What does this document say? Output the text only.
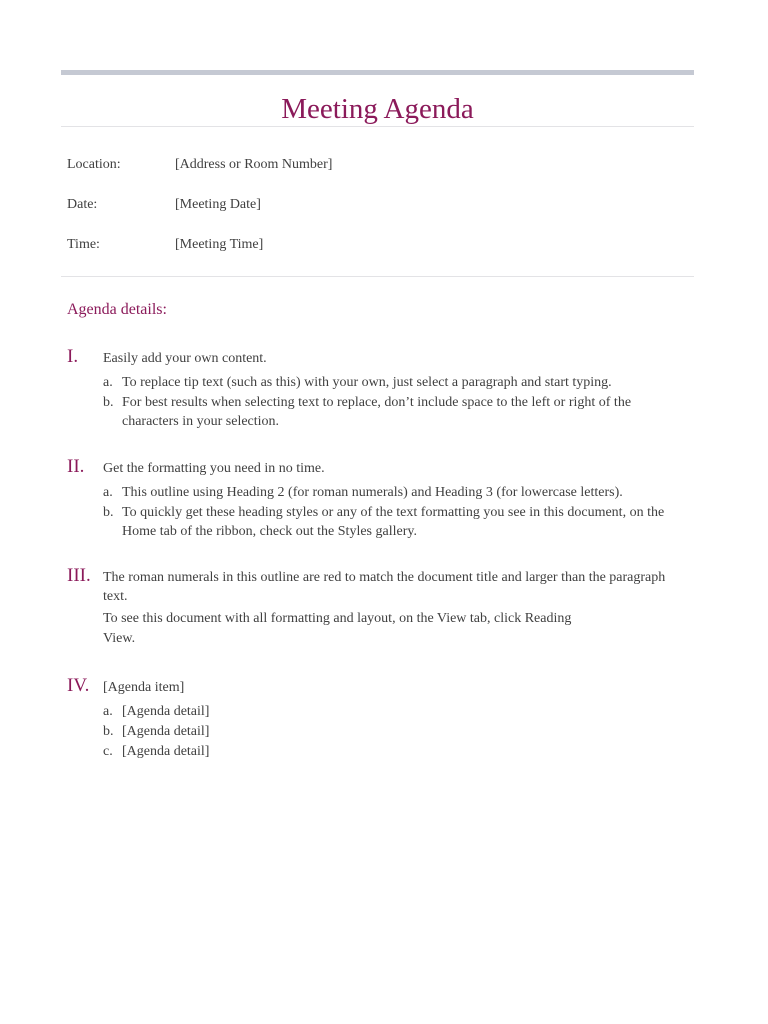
Meeting Agenda
Location:	[Address or Room Number]
Date:	[Meeting Date]
Time:	[Meeting Time]
Agenda details:
I. Easily add your own content.
a. To replace tip text (such as this) with your own, just select a paragraph and start typing.
b. For best results when selecting text to replace, don’t include space to the left or right of the characters in your selection.
II. Get the formatting you need in no time.
a. This outline using Heading 2 (for roman numerals) and Heading 3 (for lowercase letters).
b. To quickly get these heading styles or any of the text formatting you see in this document, on the Home tab of the ribbon, check out the Styles gallery.
III. The roman numerals in this outline are red to match the document title and larger than the paragraph text.
To see this document with all formatting and layout, on the View tab, click Reading View.
IV. [Agenda item]
a. [Agenda detail]
b. [Agenda detail]
c. [Agenda detail]
